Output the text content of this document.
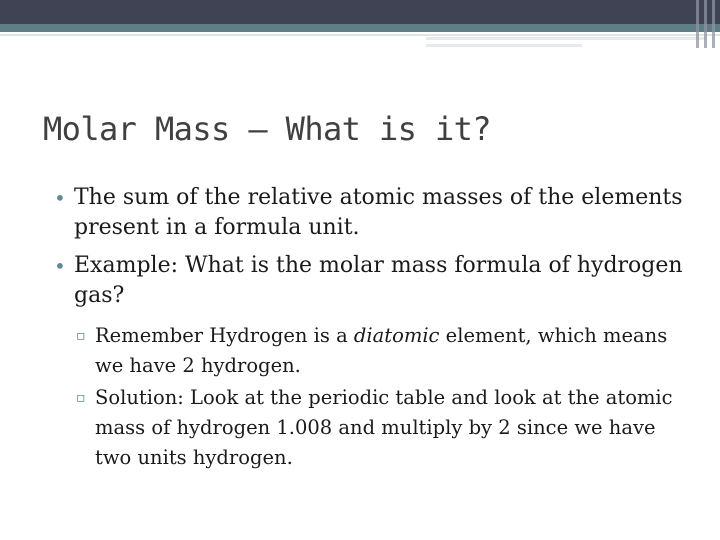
Molar Mass – What is it?
• The sum of the relative atomic masses of the elements present in a formula unit.
• Example: What is the molar mass formula of hydrogen gas?
▫ Remember Hydrogen is a diatomic element, which means we have 2 hydrogen.
▫ Solution: Look at the periodic table and look at the atomic mass of hydrogen 1.008 and multiply by 2 since we have two units hydrogen.
